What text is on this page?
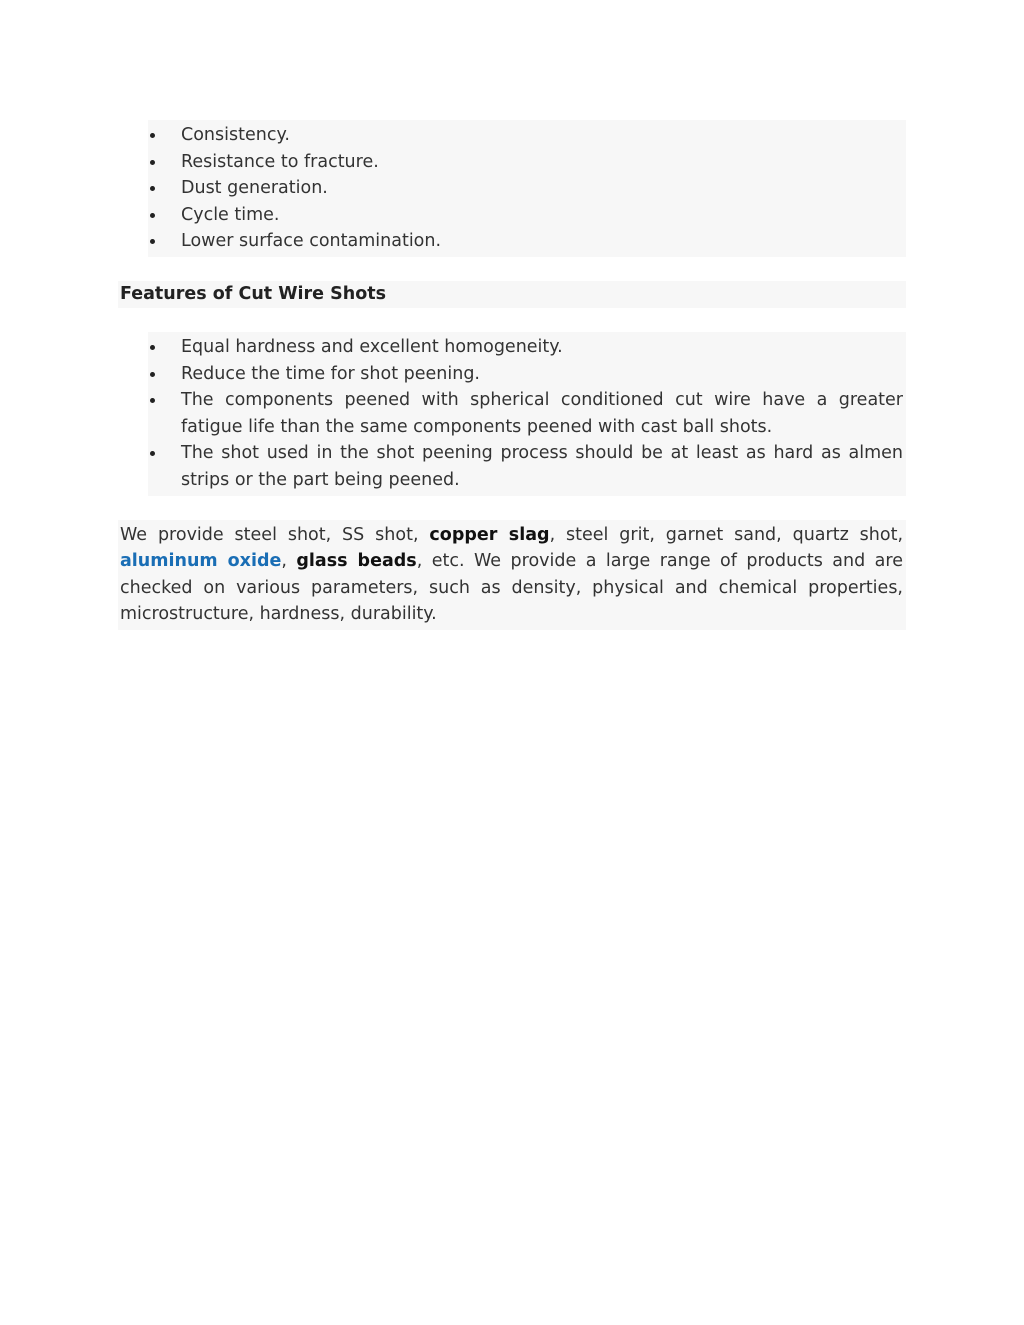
Consistency.
Resistance to fracture.
Dust generation.
Cycle time.
Lower surface contamination.
Features of Cut Wire Shots
Equal hardness and excellent homogeneity.
Reduce the time for shot peening.
The components peened with spherical conditioned cut wire have a greater fatigue life than the same components peened with cast ball shots.
The shot used in the shot peening process should be at least as hard as almen strips or the part being peened.

We provide steel shot, SS shot, copper slag, steel grit, garnet sand, quartz shot, aluminum oxide, glass beads, etc. We provide a large range of products and are checked on various parameters, such as density, physical and chemical properties, microstructure, hardness, durability.
